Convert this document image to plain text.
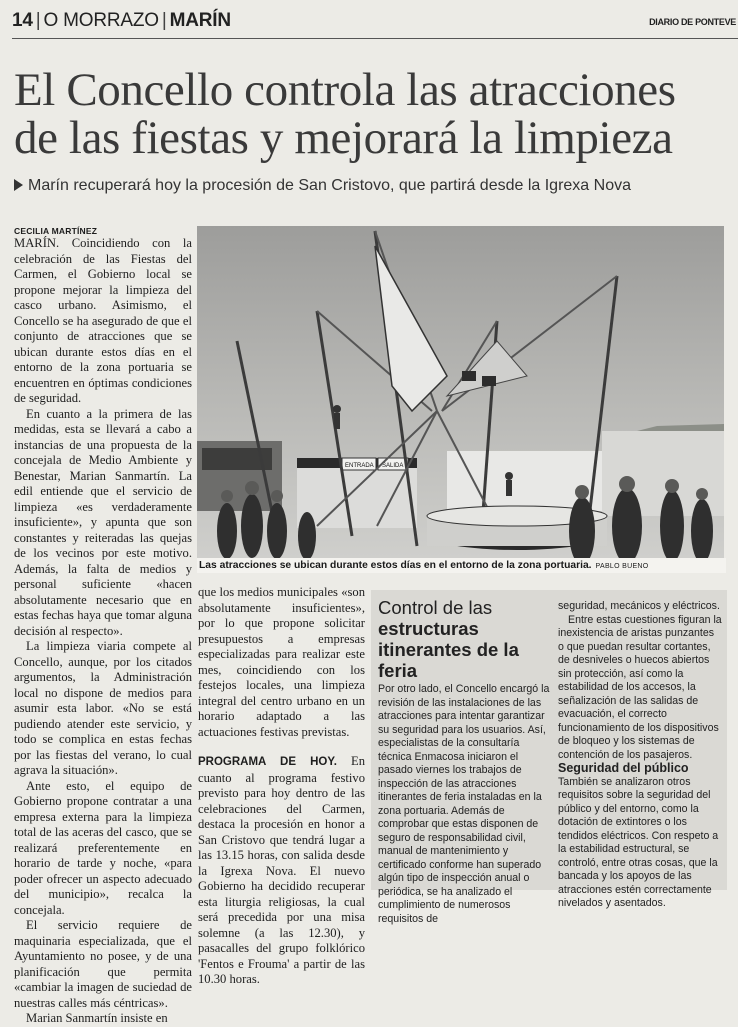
14 | O MORRAZO | MARÍN	DIARIO DE PONTEVE
El Concello controla las atracciones de las fiestas y mejorará la limpieza
Marín recuperará hoy la procesión de San Cristovo, que partirá desde la Igrexa Nova
CECILIA MARTÍNEZ

MARÍN. Coincidiendo con la celebración de las Fiestas del Carmen, el Gobierno local se propone mejorar la limpieza del casco urbano. Asimismo, el Concello se ha asegurado de que el conjunto de atracciones que se ubican durante estos días en el entorno de la zona portuaria se encuentren en óptimas condiciones de seguridad.

En cuanto a la primera de las medidas, esta se llevará a cabo a instancias de una propuesta de la concejala de Medio Ambiente y Benestar, Marian Sanmartín. La edil entiende que el servicio de limpieza «es verdaderamente insuficiente», y apunta que son constantes y reiteradas las quejas de los vecinos por este motivo. Además, la falta de medios y personal suficiente «hacen absolutamente necesario que en estas fechas haya que tomar alguna decisión al respecto».

La limpieza viaria compete al Concello, aunque, por los citados argumentos, la Administración local no dispone de medios para asumir esta labor. «No se está pudiendo atender este servicio, y todo se complica en estas fechas por las fiestas del verano, lo cual agrava la situación».

Ante esto, el equipo de Gobierno propone contratar a una empresa externa para la limpieza total de las aceras del casco, que se realizará preferentemente en horario de tarde y noche, «para poder ofrecer un aspecto adecuado del municipio», recalca la concejala.

El servicio requiere de maquinaria especializada, que el Ayuntamiento no posee, y de una planificación que permita «cambiar la imagen de suciedad de nuestras calles más céntricas».

Marian Sanmartín insiste en

ENTRADA SALIDA
Las atracciones se ubican durante estos días en el entorno de la zona portuaria. PABLO BUENO

que los medios municipales «son absolutamente insuficientes», por lo que propone solicitar presupuestos a empresas especializadas para realizar este mes, coincidiendo con los festejos locales, una limpieza integral del centro urbano en un horario adaptado a las actuaciones festivas previstas.

PROGRAMA DE HOY. En cuanto al programa festivo previsto para hoy dentro de las celebraciones del Carmen, destaca la procesión en honor a San Cristovo que tendrá lugar a las 13.15 horas, con salida desde la Igrexa Nova. El nuevo Gobierno ha decidido recuperar esta liturgia religiosas, la cual será precedida por una misa solemne (a las 12.30), y pasacalles del grupo folklórico 'Fentos e Frouma' a partir de las 10.30 horas.

Control de las
estructuras itinerantes de la feria

Por otro lado, el Concello encargó la revisión de las instalaciones de las atracciones para intentar garantizar su seguridad para los usuarios. Así, especialistas de la consultaría técnica Enmacosa iniciaron el pasado viernes los trabajos de inspección de las atracciones itinerantes de feria instaladas en la zona portuaria. Además de comprobar que estas disponen de seguro de responsabilidad civil, manual de mantenimiento y certificado conforme han superado algún tipo de inspección anual o periódica, se ha analizado el cumplimiento de numerosos requisitos de

seguridad, mecánicos y eléctricos.

Entre estas cuestiones figuran la inexistencia de aristas punzantes o que puedan resultar cortantes, de desniveles o huecos abiertos sin protección, así como la estabilidad de los accesos, la señalización de las salidas de evacuación, el correcto funcionamiento de los dispositivos de bloqueo y los sistemas de contención de los pasajeros.

Seguridad del público

También se analizaron otros requisitos sobre la seguridad del público y del entorno, como la dotación de extintores o los tendidos eléctricos. Con respeto a la estabilidad estructural, se controló, entre otras cosas, que la bancada y los apoyos de las atracciones estén correctamente nivelados y asentados.
